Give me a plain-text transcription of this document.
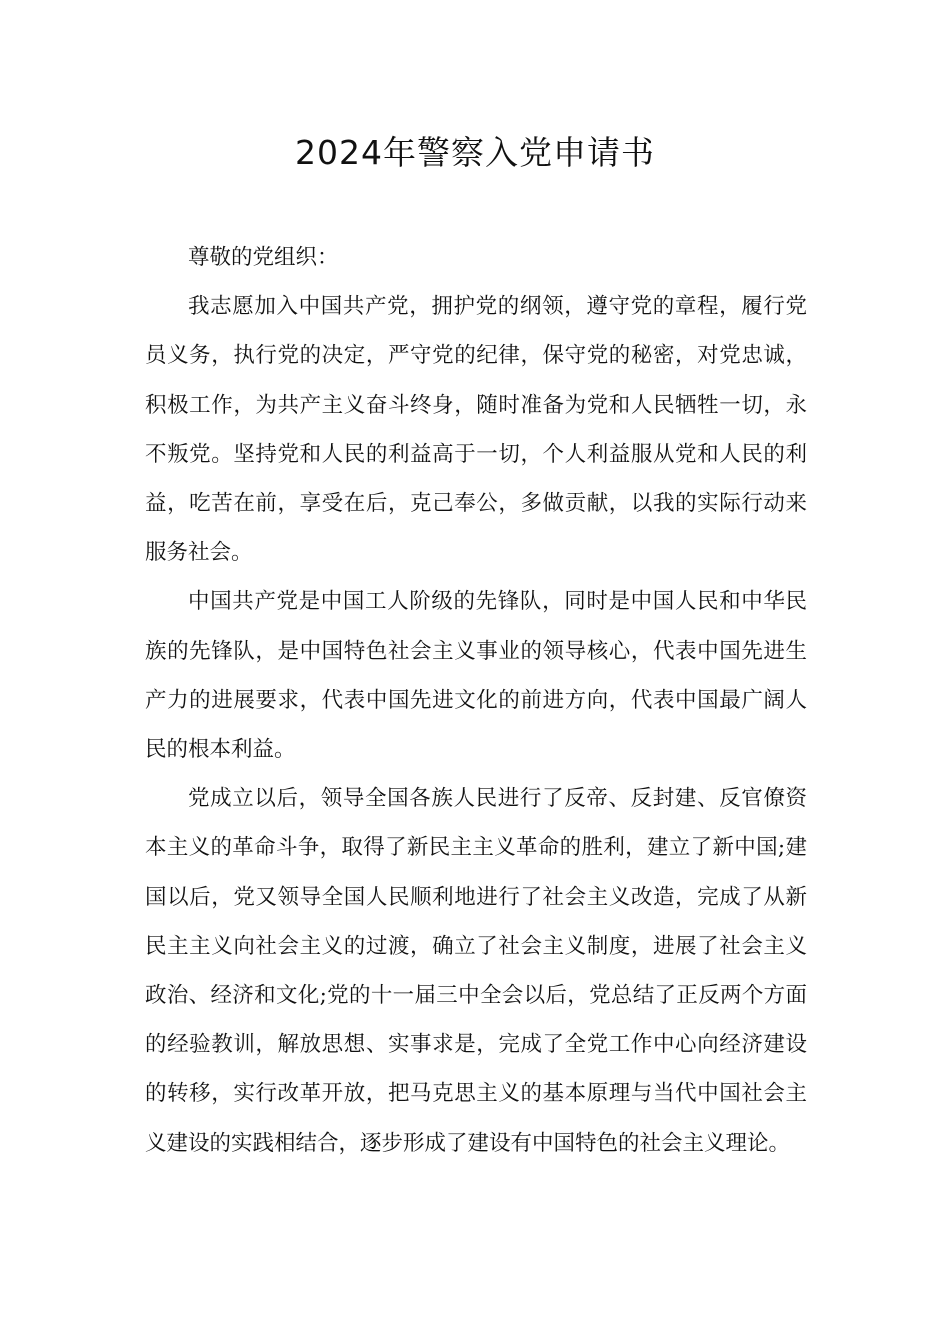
2024年警察入党申请书

尊敬的党组织：

我志愿加入中国共产党，拥护党的纲领，遵守党的章程，履行党员义务，执行党的决定，严守党的纪律，保守党的秘密，对党忠诚，积极工作，为共产主义奋斗终身，随时准备为党和人民牺牲一切，永不叛党。坚持党和人民的利益高于一切，个人利益服从党和人民的利益，吃苦在前，享受在后，克己奉公，多做贡献，以我的实际行动来服务社会。

中国共产党是中国工人阶级的先锋队，同时是中国人民和中华民族的先锋队，是中国特色社会主义事业的领导核心，代表中国先进生产力的进展要求，代表中国先进文化的前进方向，代表中国最广阔人民的根本利益。

党成立以后，领导全国各族人民进行了反帝、反封建、反官僚资本主义的革命斗争，取得了新民主主义革命的胜利，建立了新中国;建国以后，党又领导全国人民顺利地进行了社会主义改造，完成了从新民主主义向社会主义的过渡，确立了社会主义制度，进展了社会主义政治、经济和文化;党的十一届三中全会以后，党总结了正反两个方面的经验教训，解放思想、实事求是，完成了全党工作中心向经济建设的转移，实行改革开放，把马克思主义的基本原理与当代中国社会主义建设的实践相结合，逐步形成了建设有中国特色的社会主义理论。
